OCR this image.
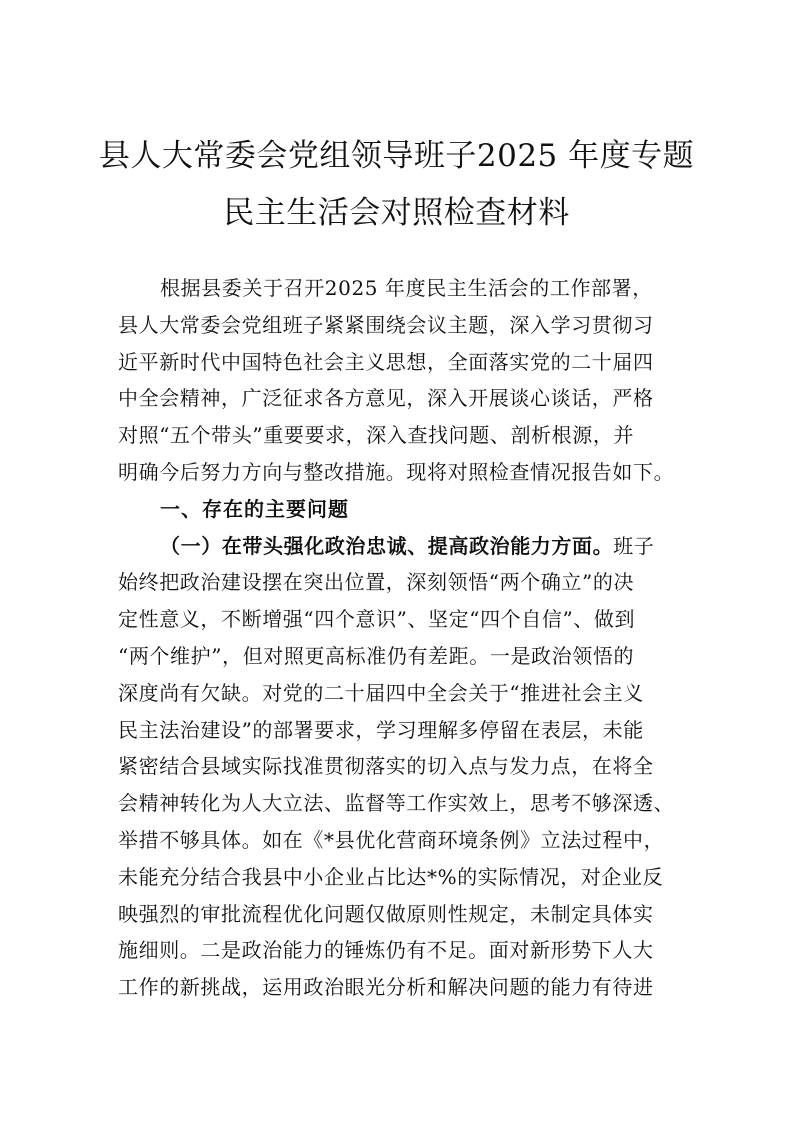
县人大常委会党组领导班子2025 年度专题
民主生活会对照检查材料
根据县委关于召开2025 年度民主生活会的工作部署，
县人大常委会党组班子紧紧围绕会议主题，深入学习贯彻习
近平新时代中国特色社会主义思想，全面落实党的二十届四
中全会精神，广泛征求各方意见，深入开展谈心谈话，严格
对照“五个带头”重要要求，深入查找问题、剖析根源，并
明确今后努力方向与整改措施。现将对照检查情况报告如下。
一、存在的主要问题
（一）在带头强化政治忠诚、提高政治能力方面。班子
始终把政治建设摆在突出位置，深刻领悟“两个确立”的决
定性意义，不断增强“四个意识”、坚定“四个自信”、做到
“两个维护”，但对照更高标准仍有差距。一是政治领悟的
深度尚有欠缺。对党的二十届四中全会关于“推进社会主义
民主法治建设”的部署要求，学习理解多停留在表层，未能
紧密结合县域实际找准贯彻落实的切入点与发力点，在将全
会精神转化为人大立法、监督等工作实效上，思考不够深透、
举措不够具体。如在《*县优化营商环境条例》立法过程中，
未能充分结合我县中小企业占比达*%的实际情况，对企业反
映强烈的审批流程优化问题仅做原则性规定，未制定具体实
施细则。二是政治能力的锤炼仍有不足。面对新形势下人大
工作的新挑战，运用政治眼光分析和解决问题的能力有待进
